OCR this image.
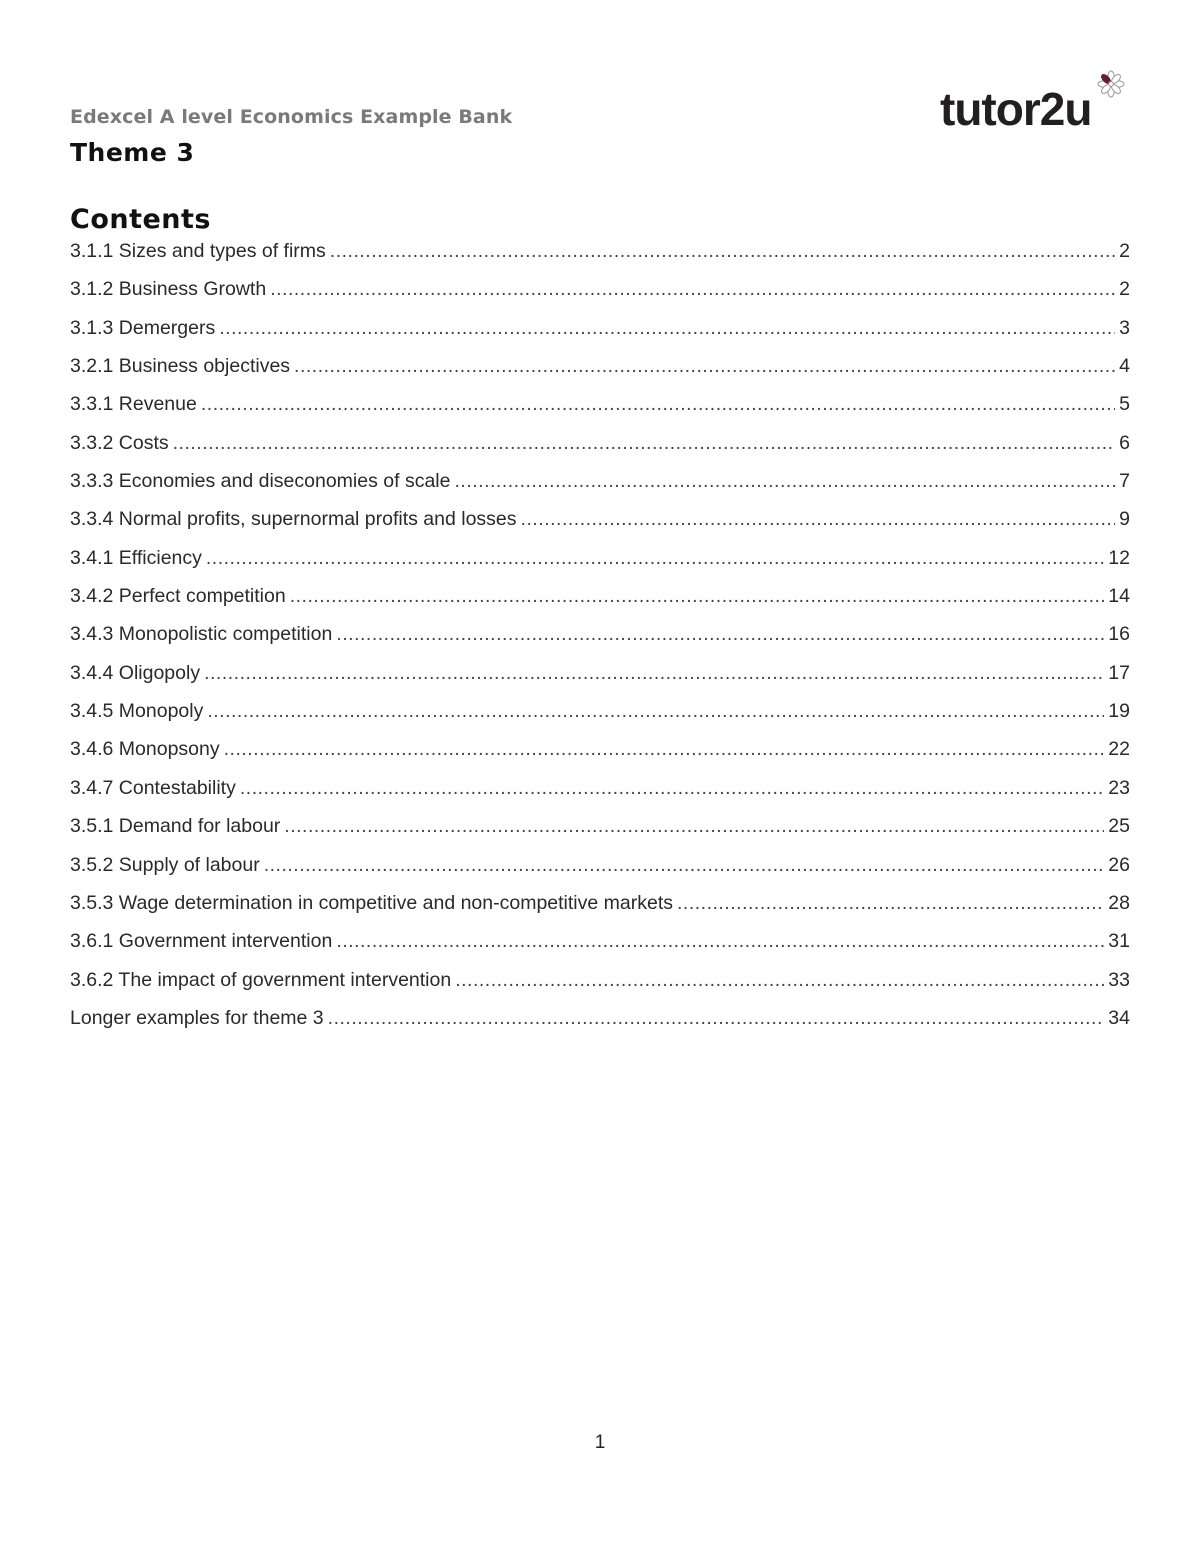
Edexcel A level Economics Example Bank
Theme 3
tutor2u
Contents
3.1.1 Sizes and types of firms .....	2
3.1.2 Business Growth .....	2
3.1.3 Demergers .....	3
3.2.1 Business objectives .....	4
3.3.1 Revenue .....	5
3.3.2 Costs .....	6
3.3.3 Economies and diseconomies of scale .....	7
3.3.4 Normal profits, supernormal profits and losses .....	9
3.4.1 Efficiency .....	12
3.4.2 Perfect competition .....	14
3.4.3 Monopolistic competition .....	16
3.4.4 Oligopoly .....	17
3.4.5 Monopoly .....	19
3.4.6 Monopsony .....	22
3.4.7 Contestability .....	23
3.5.1 Demand for labour .....	25
3.5.2 Supply of labour .....	26
3.5.3 Wage determination in competitive and non-competitive markets .....	28
3.6.1 Government intervention .....	31
3.6.2 The impact of government intervention .....	33
Longer examples for theme 3 .....	34
1
